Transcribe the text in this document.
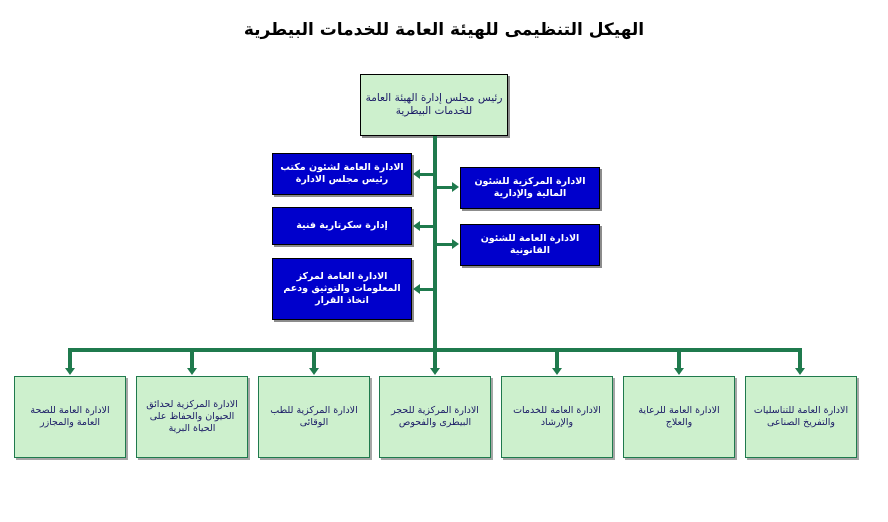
الهيكل التنظيمى للهيئة العامة للخدمات البيطرية
رئيس مجلس إدارة الهيئة العامة للخدمات البيطرية
الادارة العامة لشئون مكتب رئيس مجلس الادارة
إدارة سكرتارية فنية
الادارة العامة لمركز المعلومات والتوثيق ودعم اتخاذ القرار
الادارة المركزية للشئون المالية والإدارية
الادارة العامة للشئون القانونية
الادارة العامة للصحة العامة والمجازر
الادارة المركزية لحدائق الحيوان والحفاظ على الحياة البرية
الادارة المركزية للطب الوقائى
الادارة المركزية للحجر البيطرى والفحوص
الادارة العامة للخدمات والإرشاد
الادارة العامة للرعاية والعلاج
الادارة العامة للتناسليات والتفريخ الصناعى
